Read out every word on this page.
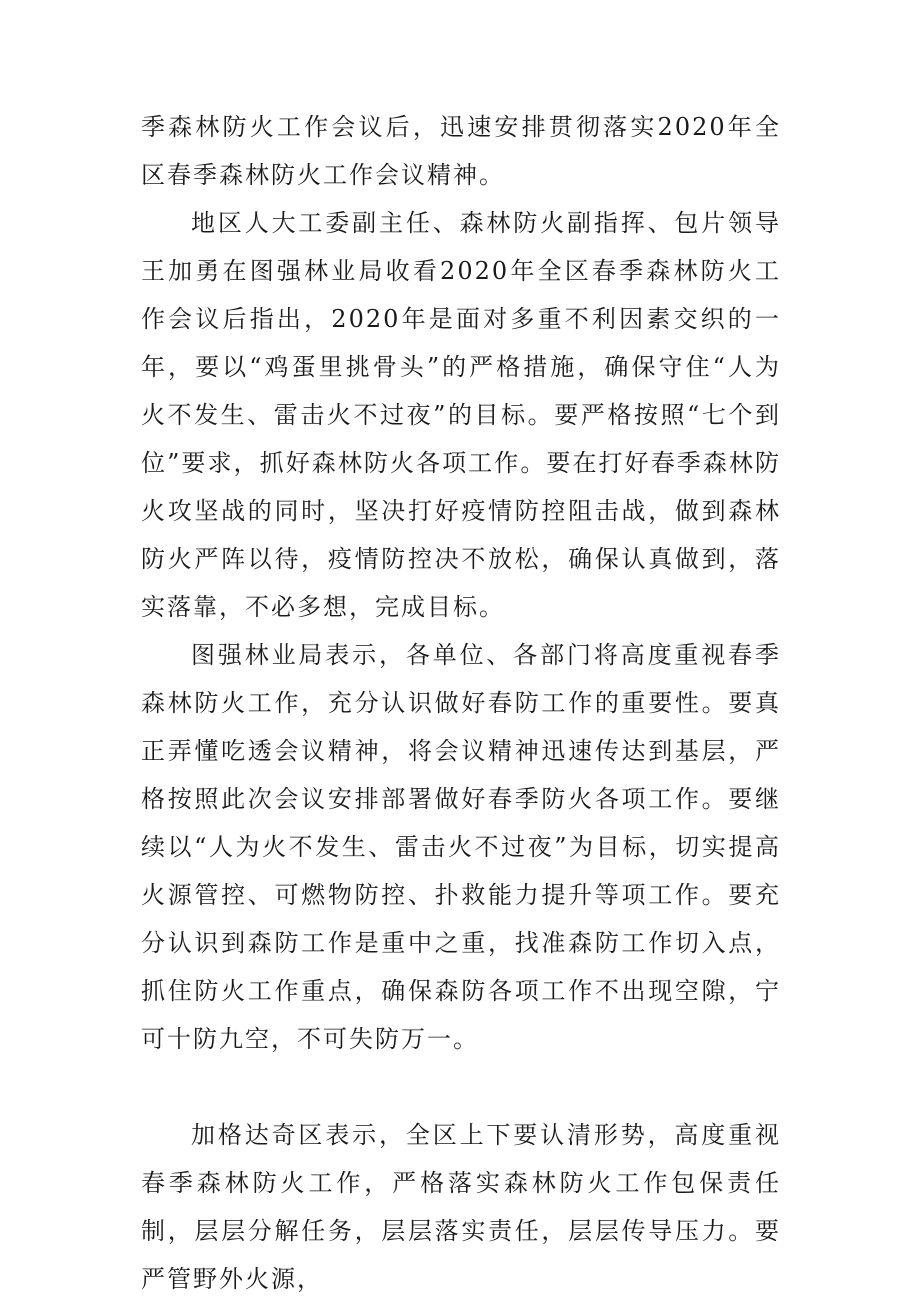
季森林防火工作会议后，迅速安排贯彻落实2020年全区春季森林防火工作会议精神。

地区人大工委副主任、森林防火副指挥、包片领导王加勇在图强林业局收看2020年全区春季森林防火工作会议后指出，2020年是面对多重不利因素交织的一年，要以“鸡蛋里挑骨头”的严格措施，确保守住“人为火不发生、雷击火不过夜”的目标。要严格按照“七个到位”要求，抓好森林防火各项工作。要在打好春季森林防火攻坚战的同时，坚决打好疫情防控阻击战，做到森林防火严阵以待，疫情防控决不放松，确保认真做到，落实落靠，不必多想，完成目标。

图强林业局表示，各单位、各部门将高度重视春季森林防火工作，充分认识做好春防工作的重要性。要真正弄懂吃透会议精神，将会议精神迅速传达到基层，严格按照此次会议安排部署做好春季防火各项工作。要继续以“人为火不发生、雷击火不过夜”为目标，切实提高火源管控、可燃物防控、扑救能力提升等项工作。要充分认识到森防工作是重中之重，找准森防工作切入点，抓住防火工作重点，确保森防各项工作不出现空隙，宁可十防九空，不可失防万一。

加格达奇区表示，全区上下要认清形势，高度重视春季森林防火工作，严格落实森林防火工作包保责任制，层层分解任务，层层落实责任，层层传导压力。要严管野外火源，
